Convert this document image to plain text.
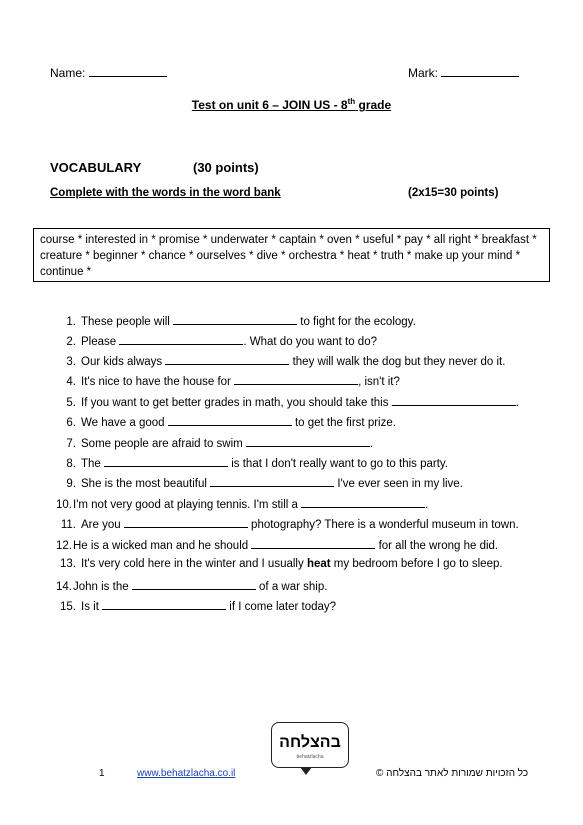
Name:	Mark:
Test on unit 6 – JOIN US - 8th grade
VOCABULARY	(30 points)
Complete with the words in the word bank	(2x15=30 points)
course * interested in * promise * underwater * captain * oven * useful * pay * all right * breakfast * creature * beginner * chance * ourselves * dive * orchestra * heat * truth * make up your mind * continue *
1. These people will	to fight for the ecology.
2. Please	. What do you want to do?
3. Our kids always	they will walk the dog but they never do it.
4. It's nice to have the house for	, isn't it?
5. If you want to get better grades in math, you should take this	.
6. We have a good	to get the first prize.
7. Some people are afraid to swim	.
8. The	is that I don't really want to go to this party.
9. She is the most beautiful	I've ever seen in my live.
10.I'm not very good at playing tennis. I'm still a	.
11. Are you	photography? There is a wonderful museum in town.
12.He is a wicked man and he should	for all the wrong he did.
13. It's very cold here in the winter and I usually heat my bedroom before I go to sleep.
14.John is the	of a war ship.
15. Is it	if I come later today?
בהצלחה
behatzlacha
1	www.behatzlacha.co.il	כל הזכויות שמורות לאתר בהצלחה ©
